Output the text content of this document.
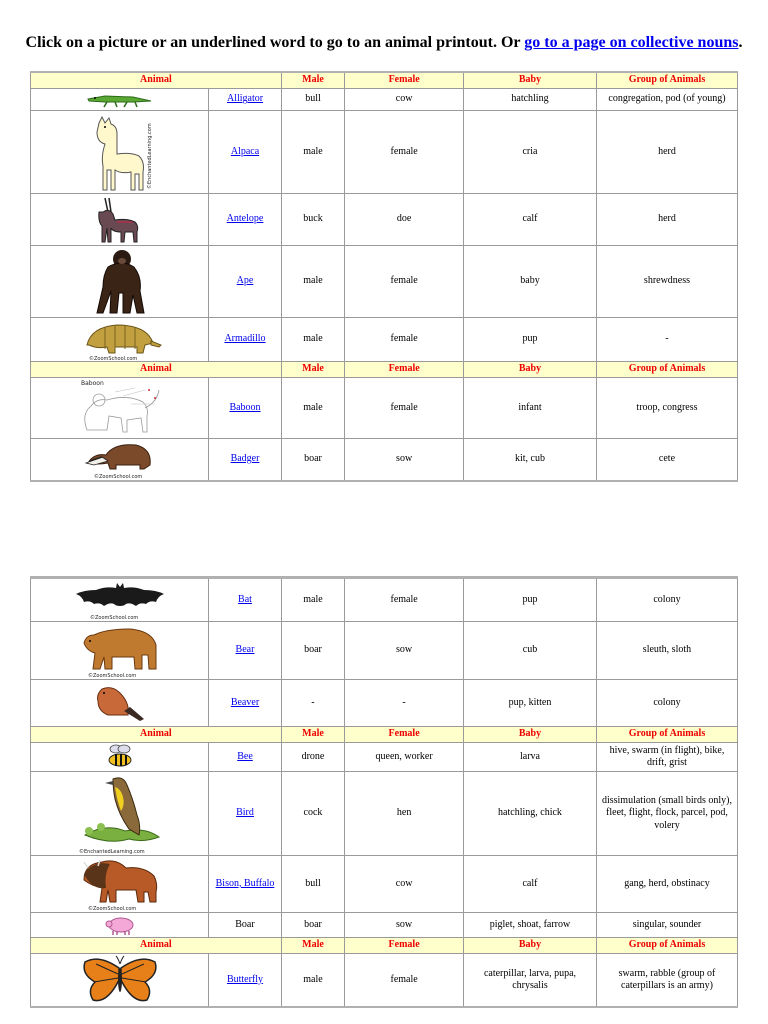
Click on a picture or an underlined word to go to an animal printout. Or go to a page on collective nouns.
Animal		Male	Female	Baby	Group of Animals

	Alligator	bull	cow	hatchling	congregation, pod (of young)

©EnchantedLearning.com	Alpaca	male	female	cria	herd

	Antelope	buck	doe	calf	herd

	Ape	male	female	baby	shrewdness

©ZoomSchool.com	Armadillo	male	female	pup	-
Animal		Male	Female	Baby	Group of Animals

Baboon	Baboon	male	female	infant	troop, congress

©ZoomSchool.com	Badger	boar	sow	kit, cub	cete
©ZoomSchool.com	Bat	male	female	pup	colony

©ZoomSchool.com	Bear	boar	sow	cub	sleuth, sloth

	Beaver	-	-	pup, kitten	colony
Animal		Male	Female	Baby	Group of Animals

	Bee	drone	queen, worker	larva	hive, swarm (in flight), bike, drift, grist

©EnchantedLearning.com	Bird	cock	hen	hatchling, chick	dissimulation (small birds only), fleet, flight, flock, parcel, pod, volery

©ZoomSchool.com	Bison, Buffalo	bull	cow	calf	gang, herd, obstinacy

	Boar	boar	sow	piglet, shoat, farrow	singular, sounder
Animal		Male	Female	Baby	Group of Animals

	Butterfly	male	female	caterpillar, larva, pupa, chrysalis	swarm, rabble (group of caterpillars is an army)
